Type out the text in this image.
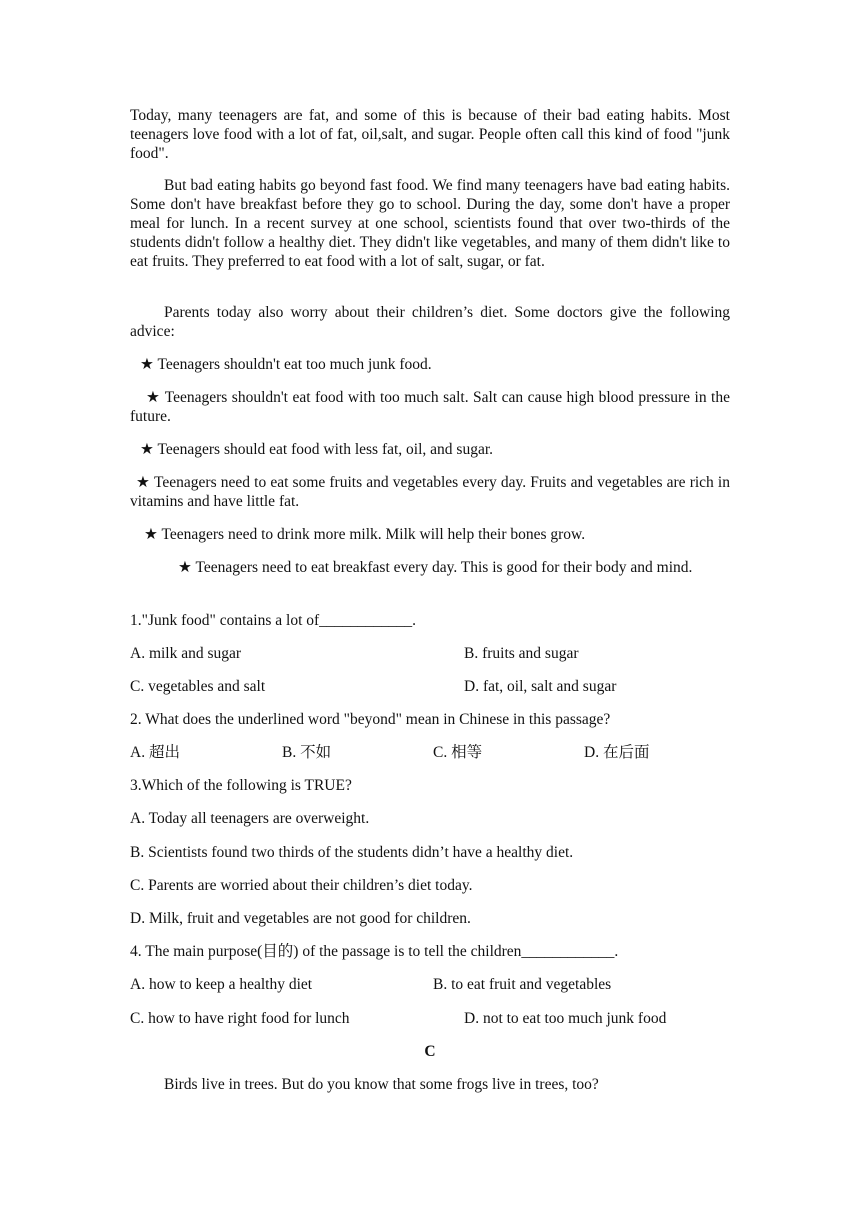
Today, many teenagers are fat, and some of this is because of their bad eating habits. Most teenagers love food with a lot of fat, oil,salt, and sugar. People often call this kind of food "junk food".
But bad eating habits go beyond fast food. We find many teenagers have bad eating habits. Some don't have breakfast before they go to school. During the day, some don't have a proper meal for lunch. In a recent survey at one school, scientists found that over two-thirds of the students didn't follow a healthy diet. They didn't like vegetables, and many of them didn't like to eat fruits. They preferred to eat food with a lot of salt, sugar, or fat.
Parents today also worry about their children’s diet. Some doctors give the following advice:
★ Teenagers shouldn't eat too much junk food.
★ Teenagers shouldn't eat food with too much salt. Salt can cause high blood pressure in the future.
★ Teenagers should eat food with less fat, oil, and sugar.
★ Teenagers need to eat some fruits and vegetables every day. Fruits and vegetables are rich in vitamins and have little fat.
★ Teenagers need to drink more milk. Milk will help their bones grow.
★ Teenagers need to eat breakfast every day. This is good for their body and mind.
1."Junk food" contains a lot of____________.
A. milk and sugar	B. fruits and sugar
C. vegetables and salt	D. fat, oil, salt and sugar
2. What does the underlined word "beyond" mean in Chinese in this passage?
A. 超出	B. 不如	C. 相等	D. 在后面
3.Which of the following is TRUE?
A. Today all teenagers are overweight.
B. Scientists found two thirds of the students didn’t have a healthy diet.
C. Parents are worried about their children’s diet today.
D. Milk, fruit and vegetables are not good for children.
4. The main purpose(目的) of the passage is to tell the children____________.
A. how to keep a healthy diet	B. to eat fruit and vegetables
C. how to have right food for lunch	D. not to eat too much junk food
C
Birds live in trees. But do you know that some frogs live in trees, too?
